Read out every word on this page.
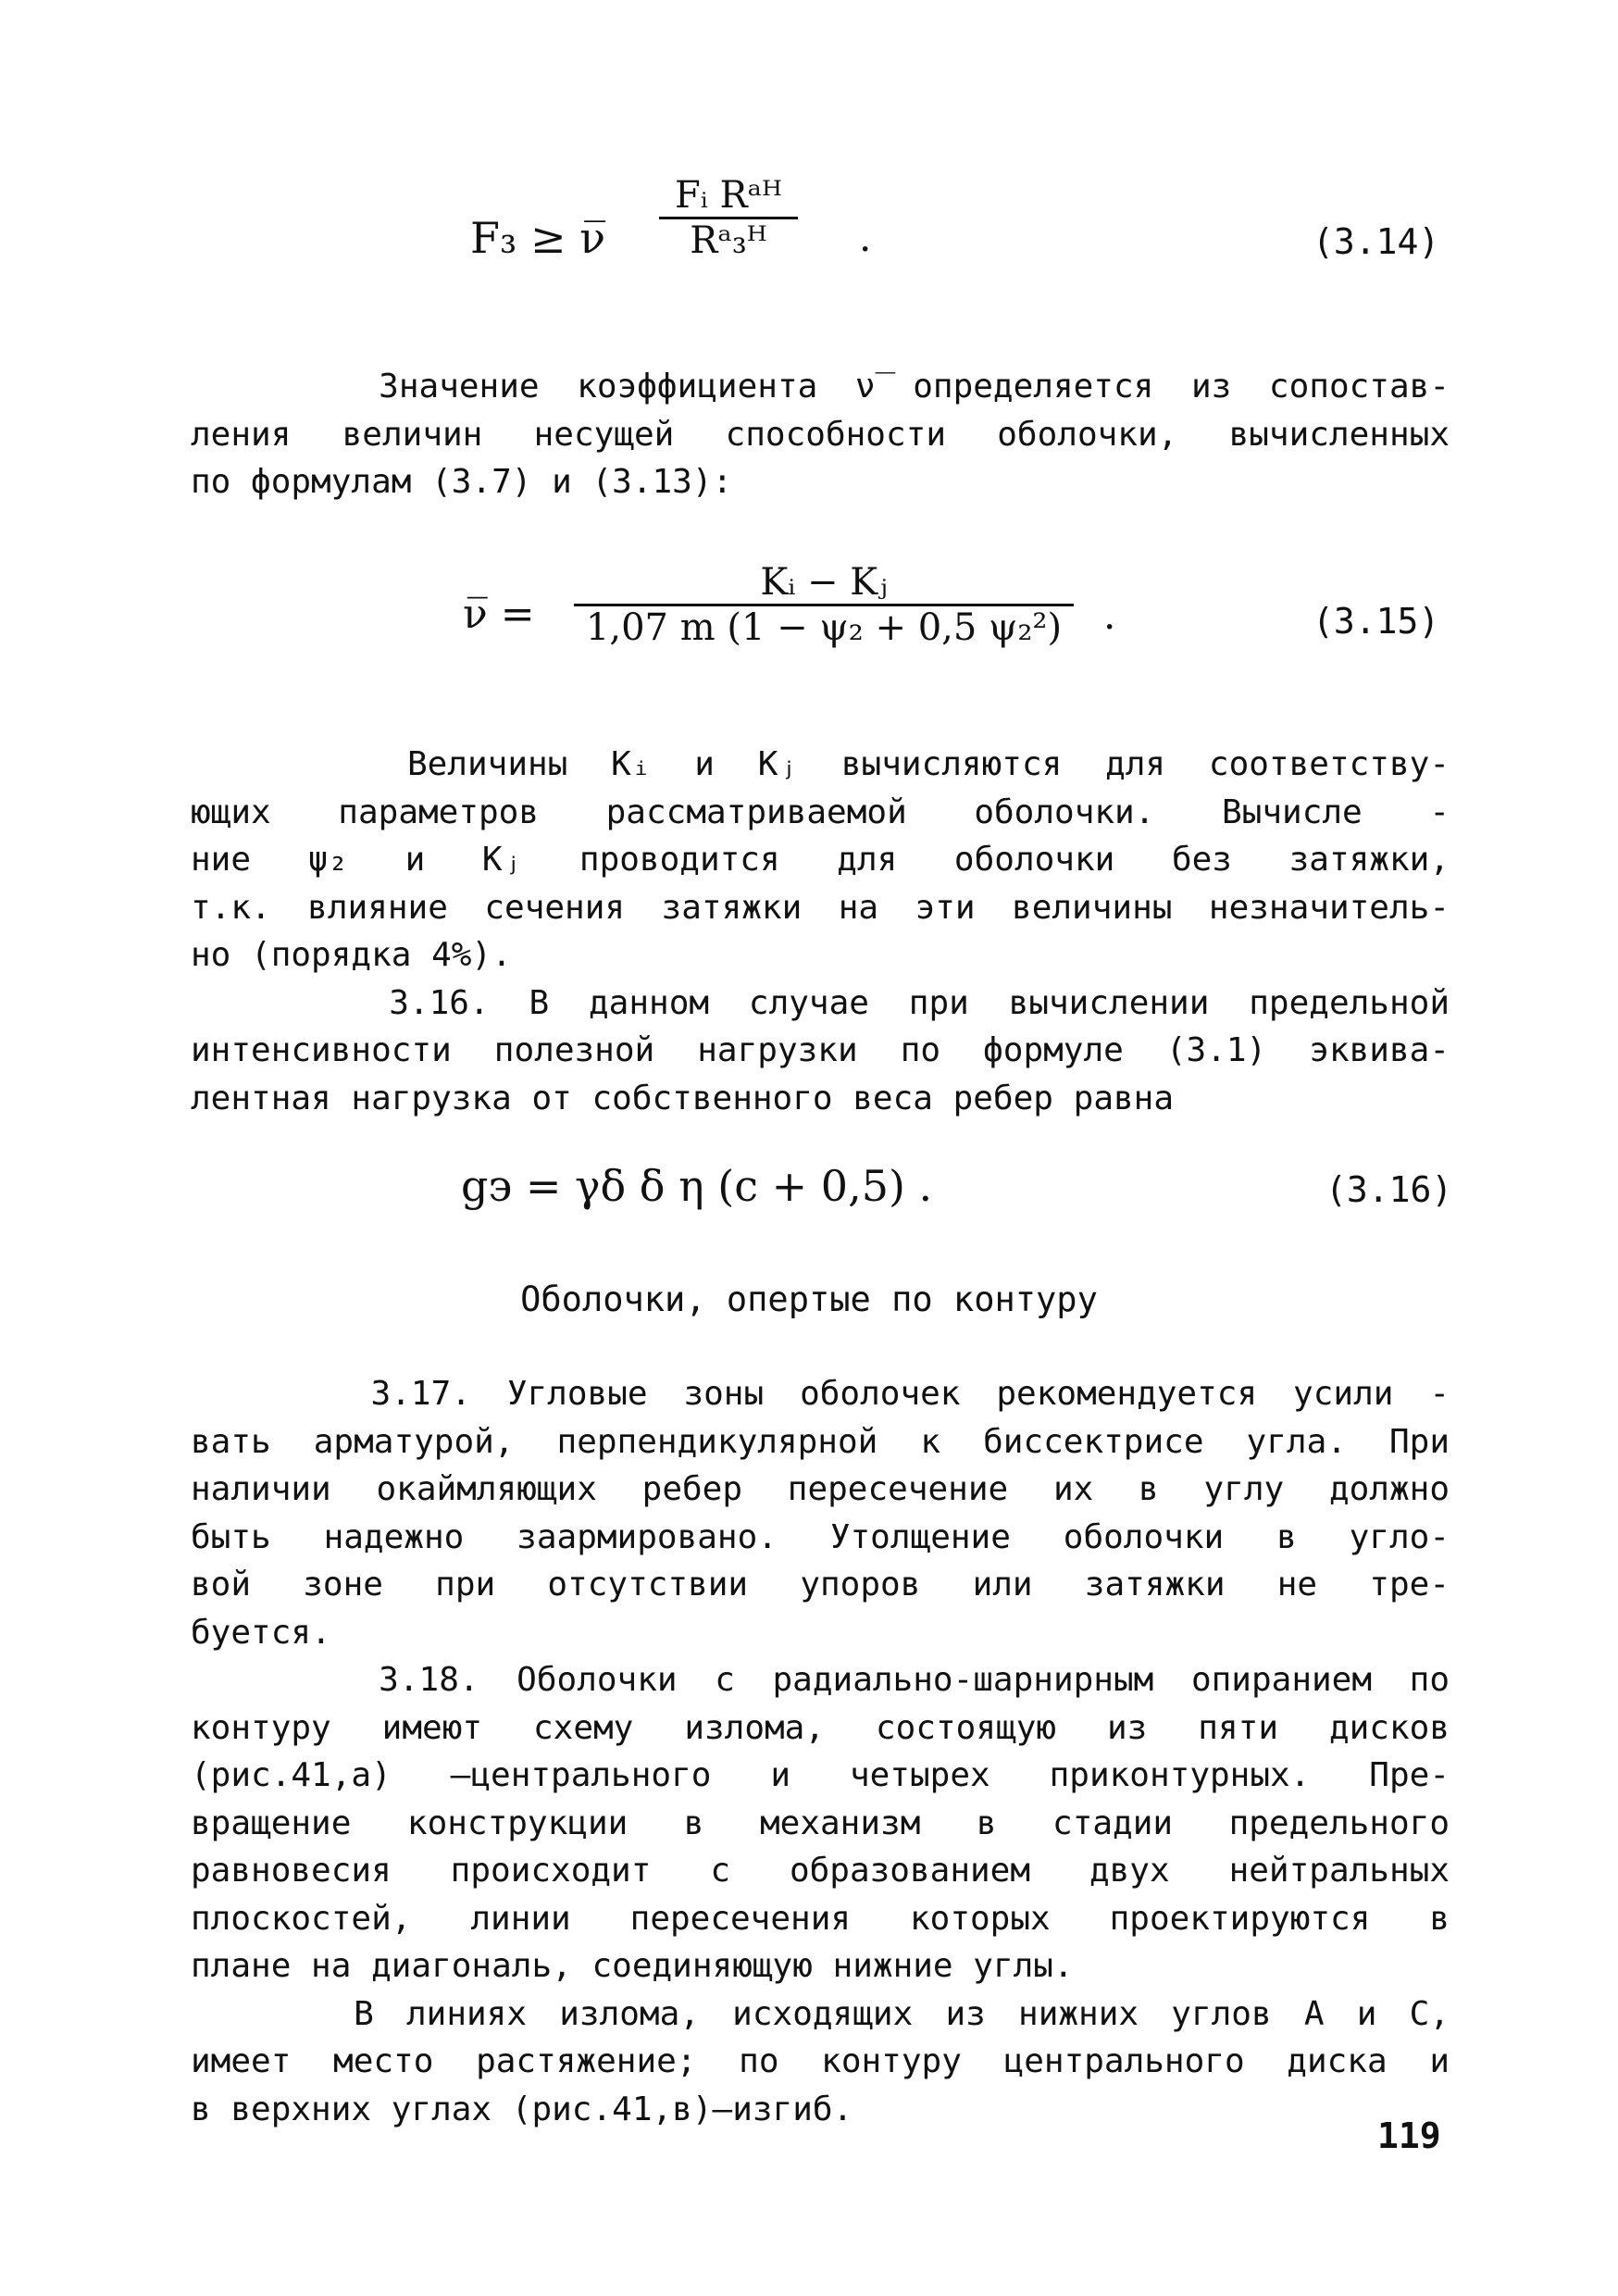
F₃ ≥ ν̅
Fᵢ Rᵃᴴ
Rᵃ₃ᴴ .	(3.14)

Значение коэффициента ν̅ определяется из сопостав-
ления величин несущей способности оболочки, вычисленных
по формулам (3.7) и (3.13):

ν̅ =
Kᵢ − Kⱼ
1,07 m (1 − ψ₂ + 0,5 ψ₂²) .	(3.15)

Величины Kᵢ и Kⱼ вычисляются для соответству-
ющих параметров рассматриваемой оболочки. Вычисле -
ние ψ₂ и Kⱼ проводится для оболочки без затяжки,
т.к. влияние сечения затяжки на эти величины незначитель-
но (порядка 4%).
3.16. В данном случае при вычислении предельной
интенсивности полезной нагрузки по формуле (3.1) эквива-
лентная нагрузка от собственного веса ребер равна

gэ = γδ δ η (c + 0,5) .	(3.16)
Оболочки, опертые по контуру

3.17. Угловые зоны оболочек рекомендуется усили -
вать арматурой, перпендикулярной к биссектрисе угла. При
наличии окаймляющих ребер пересечение их в углу должно
быть надежно заармировано. Утолщение оболочки в угло-
вой зоне при отсутствии упоров или затяжки не тре-
буется.
3.18. Оболочки с радиально-шарнирным опиранием по
контуру имеют схему излома, состоящую из пяти дисков
(рис.41,а) –центрального и четырех приконтурных. Пре-
вращение конструкции в механизм в стадии предельного
равновесия происходит с образованием двух нейтральных
плоскостей, линии пересечения которых проектируются в
плане на диагональ, соединяющую нижние углы.
В линиях излома, исходящих из нижних углов А и С,
имеет место растяжение; по контуру центрального диска и
в верхних углах (рис.41,в)–изгиб.

119
